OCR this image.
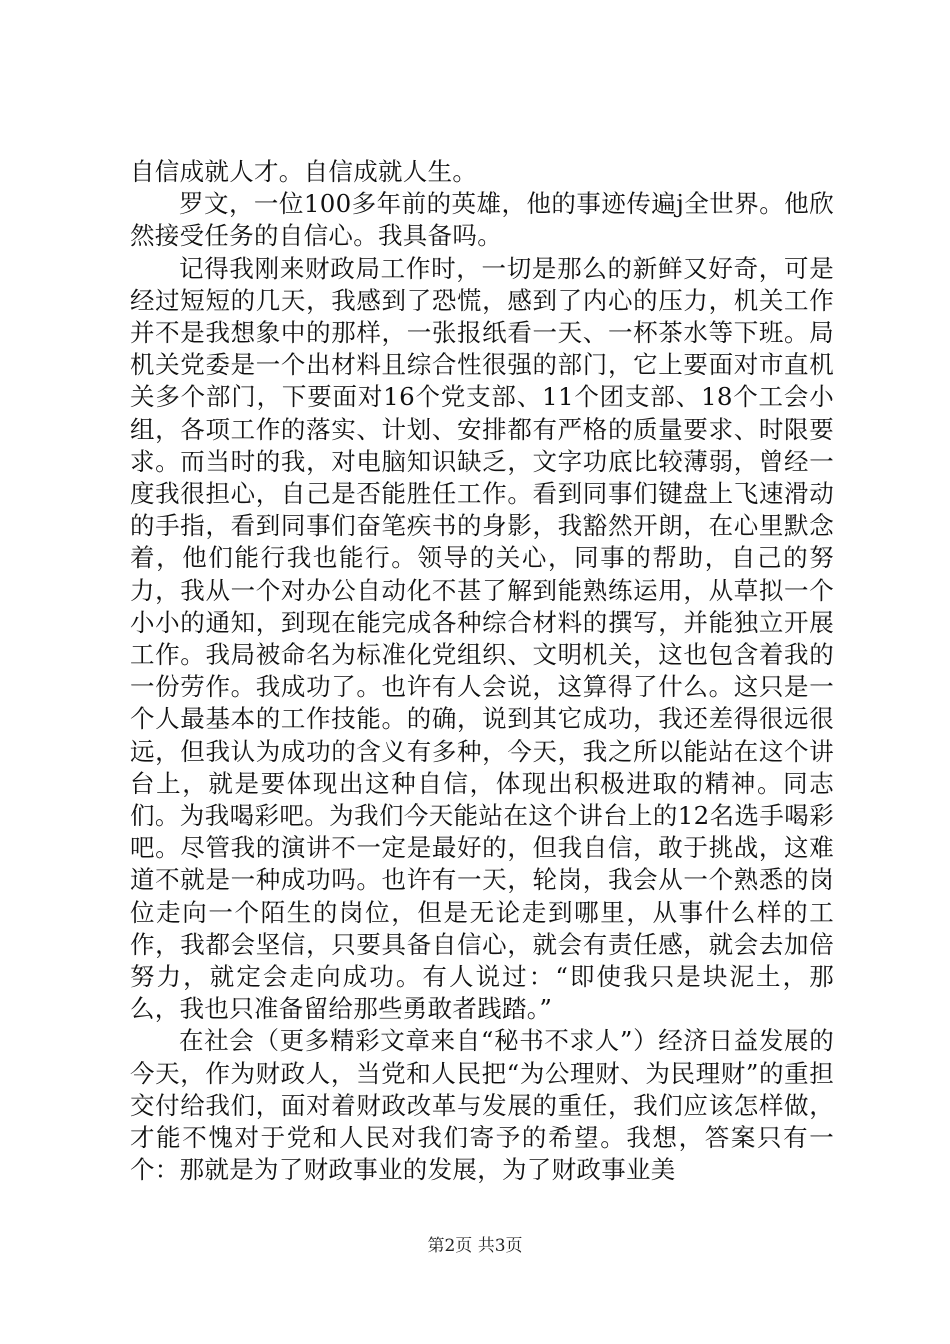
自信成就人才。自信成就人生。

罗文，一位100多年前的英雄，他的事迹传遍j全世界。他欣然接受任务的自信心。我具备吗。

记得我刚来财政局工作时，一切是那么的新鲜又好奇，可是经过短短的几天，我感到了恐慌，感到了内心的压力，机关工作并不是我想象中的那样，一张报纸看一天、一杯茶水等下班。局机关党委是一个出材料且综合性很强的部门，它上要面对市直机关多个部门，下要面对16个党支部、11个团支部、18个工会小组，各项工作的落实、计划、安排都有严格的质量要求、时限要求。而当时的我，对电脑知识缺乏，文字功底比较薄弱，曾经一度我很担心，自己是否能胜任工作。看到同事们键盘上飞速滑动的手指，看到同事们奋笔疾书的身影，我豁然开朗，在心里默念着，他们能行我也能行。领导的关心，同事的帮助，自己的努力，我从一个对办公自动化不甚了解到能熟练运用，从草拟一个小小的通知，到现在能完成各种综合材料的撰写，并能独立开展工作。我局被命名为标准化党组织、文明机关，这也包含着我的一份劳作。我成功了。也许有人会说，这算得了什么。这只是一个人最基本的工作技能。的确，说到其它成功，我还差得很远很远，但我认为成功的含义有多种，今天，我之所以能站在这个讲台上，就是要体现出这种自信，体现出积极进取的精神。同志们。为我喝彩吧。为我们今天能站在这个讲台上的12名选手喝彩吧。尽管我的演讲不一定是最好的，但我自信，敢于挑战，这难道不就是一种成功吗。也许有一天，轮岗，我会从一个熟悉的岗位走向一个陌生的岗位，但是无论走到哪里，从事什么样的工作，我都会坚信，只要具备自信心，就会有责任感，就会去加倍努力，就定会走向成功。有人说过：“即使我只是块泥土，那么，我也只准备留给那些勇敢者践踏。”

在社会（更多精彩文章来自“秘书不求人”）经济日益发展的今天，作为财政人，当党和人民把“为公理财、为民理财”的重担交付给我们，面对着财政改革与发展的重任，我们应该怎样做，才能不愧对于党和人民对我们寄予的希望。我想，答案只有一个：那就是为了财政事业的发展，为了财政事业美

第2页 共3页
